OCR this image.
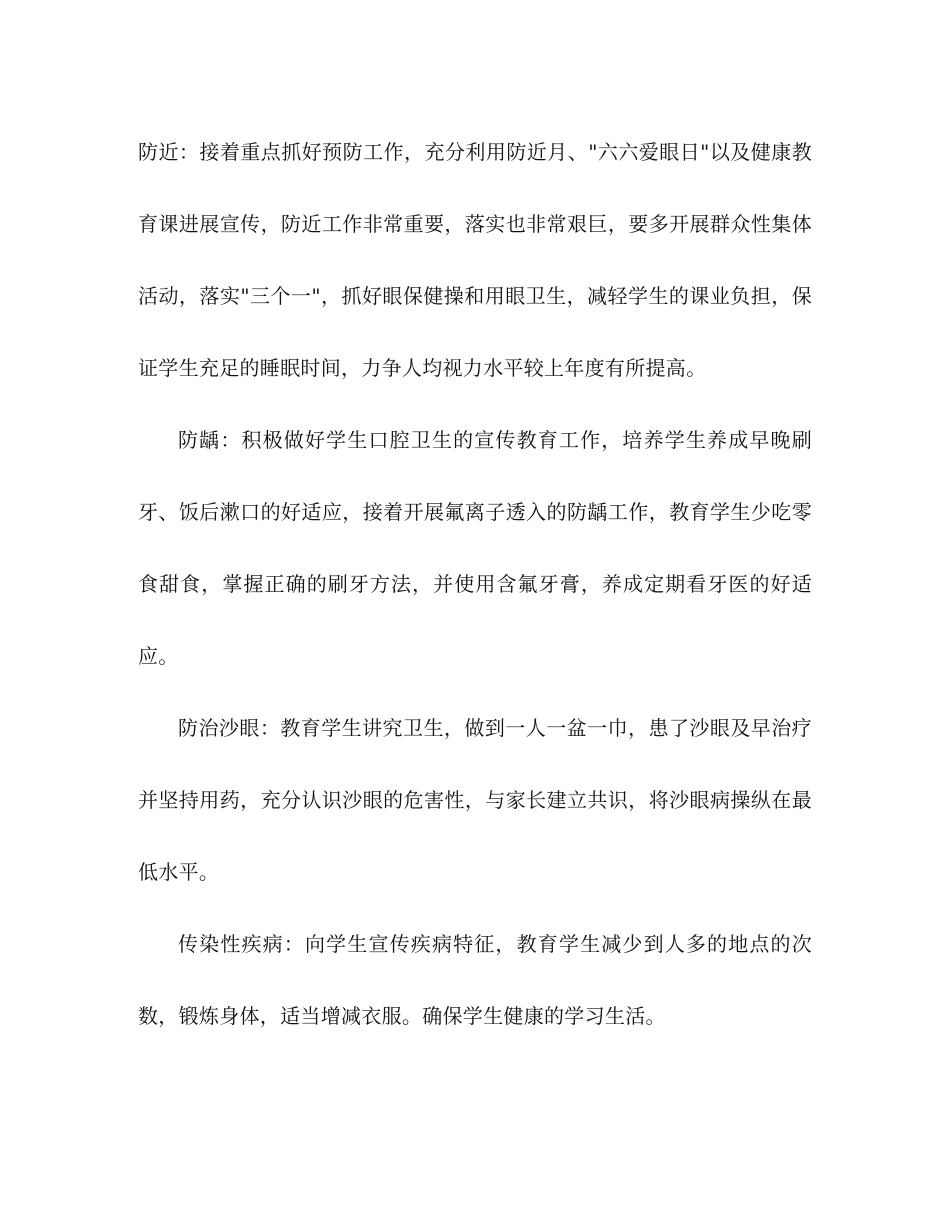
防近：接着重点抓好预防工作，充分利用防近月、"六六爱眼日"以及健康教育课进展宣传，防近工作非常重要，落实也非常艰巨，要多开展群众性集体活动，落实"三个一"，抓好眼保健操和用眼卫生，减轻学生的课业负担，保证学生充足的睡眠时间，力争人均视力水平较上年度有所提高。

防龋：积极做好学生口腔卫生的宣传教育工作，培养学生养成早晚刷牙、饭后漱口的好适应，接着开展氟离子透入的防龋工作，教育学生少吃零食甜食，掌握正确的刷牙方法，并使用含氟牙膏，养成定期看牙医的好适应。

防治沙眼：教育学生讲究卫生，做到一人一盆一巾，患了沙眼及早治疗并坚持用药，充分认识沙眼的危害性，与家长建立共识，将沙眼病操纵在最低水平。

传染性疾病：向学生宣传疾病特征，教育学生减少到人多的地点的次数，锻炼身体，适当增减衣服。确保学生健康的学习生活。
